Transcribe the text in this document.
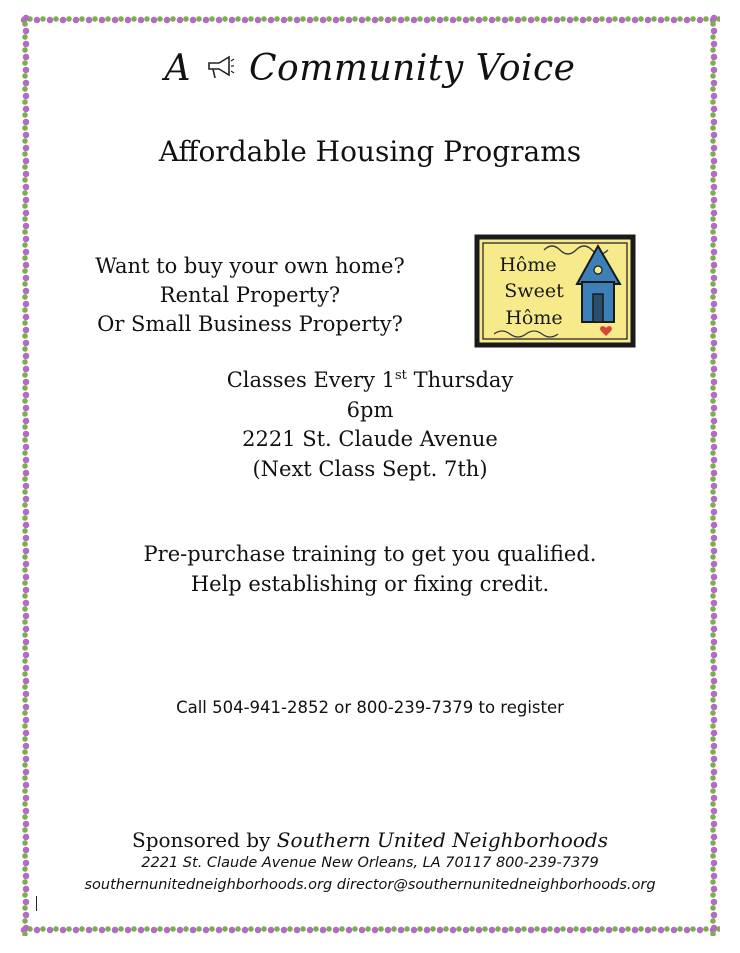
A Community Voice
Affordable Housing Programs
Want to buy your own home?
Rental Property?
Or Small Business Property?
Hôme
Sweet
Hôme
Classes Every 1st Thursday
6pm
2221 St. Claude Avenue
(Next Class Sept. 7th)
Pre-purchase training to get you qualified.
Help establishing or fixing credit.
Call 504-941-2852 or 800-239-7379 to register
Sponsored by Southern United Neighborhoods
2221 St. Claude Avenue New Orleans, LA 70117 800-239-7379
southernunitedneighborhoods.org director@southernunitedneighborhoods.org
